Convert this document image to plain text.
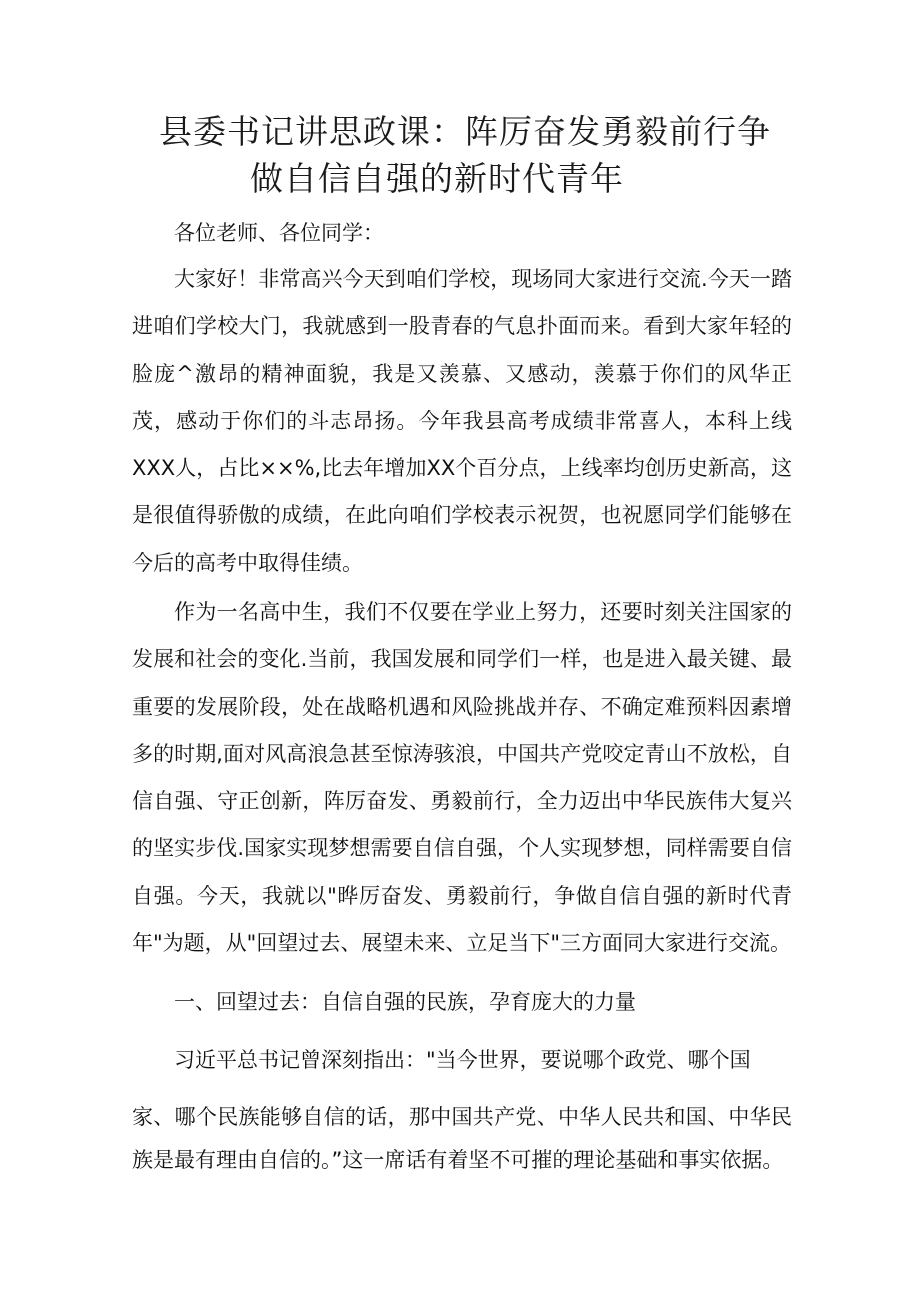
县委书记讲思政课：阵厉奋发勇毅前行争
做自信自强的新时代青年

各位老师、各位同学：

大家好！非常高兴今天到咱们学校，现场同大家进行交流.今天一踏进咱们学校大门，我就感到一股青春的气息扑面而来。看到大家年轻的脸庞^激昂的精神面貌，我是又羡慕、又感动，羡慕于你们的风华正茂，感动于你们的斗志昂扬。今年我县高考成绩非常喜人，本科上线XXX人，占比××%,比去年增加XX个百分点，上线率均创历史新高，这是很值得骄傲的成绩，在此向咱们学校表示祝贺，也祝愿同学们能够在今后的高考中取得佳绩。

作为一名高中生，我们不仅要在学业上努力，还要时刻关注国家的发展和社会的变化.当前，我国发展和同学们一样，也是进入最关键、最重要的发展阶段，处在战略机遇和风险挑战并存、不确定难预料因素增多的时期,面对风高浪急甚至惊涛骇浪，中国共产党咬定青山不放松，自信自强、守正创新，阵厉奋发、勇毅前行，全力迈出中华民族伟大复兴的坚实步伐.国家实现梦想需要自信自强，个人实现梦想，同样需要自信自强。今天，我就以"晔厉奋发、勇毅前行，争做自信自强的新时代青年"为题，从"回望过去、展望未来、立足当下"三方面同大家进行交流。

一、回望过去：自信自强的民族，孕育庞大的力量

习近平总书记曾深刻指出："当今世界，要说哪个政党、哪个国

家、哪个民族能够自信的话，那中国共产党、中华人民共和国、中华民族是最有理由自信的。”这一席话有着坚不可摧的理论基础和事实依据。
